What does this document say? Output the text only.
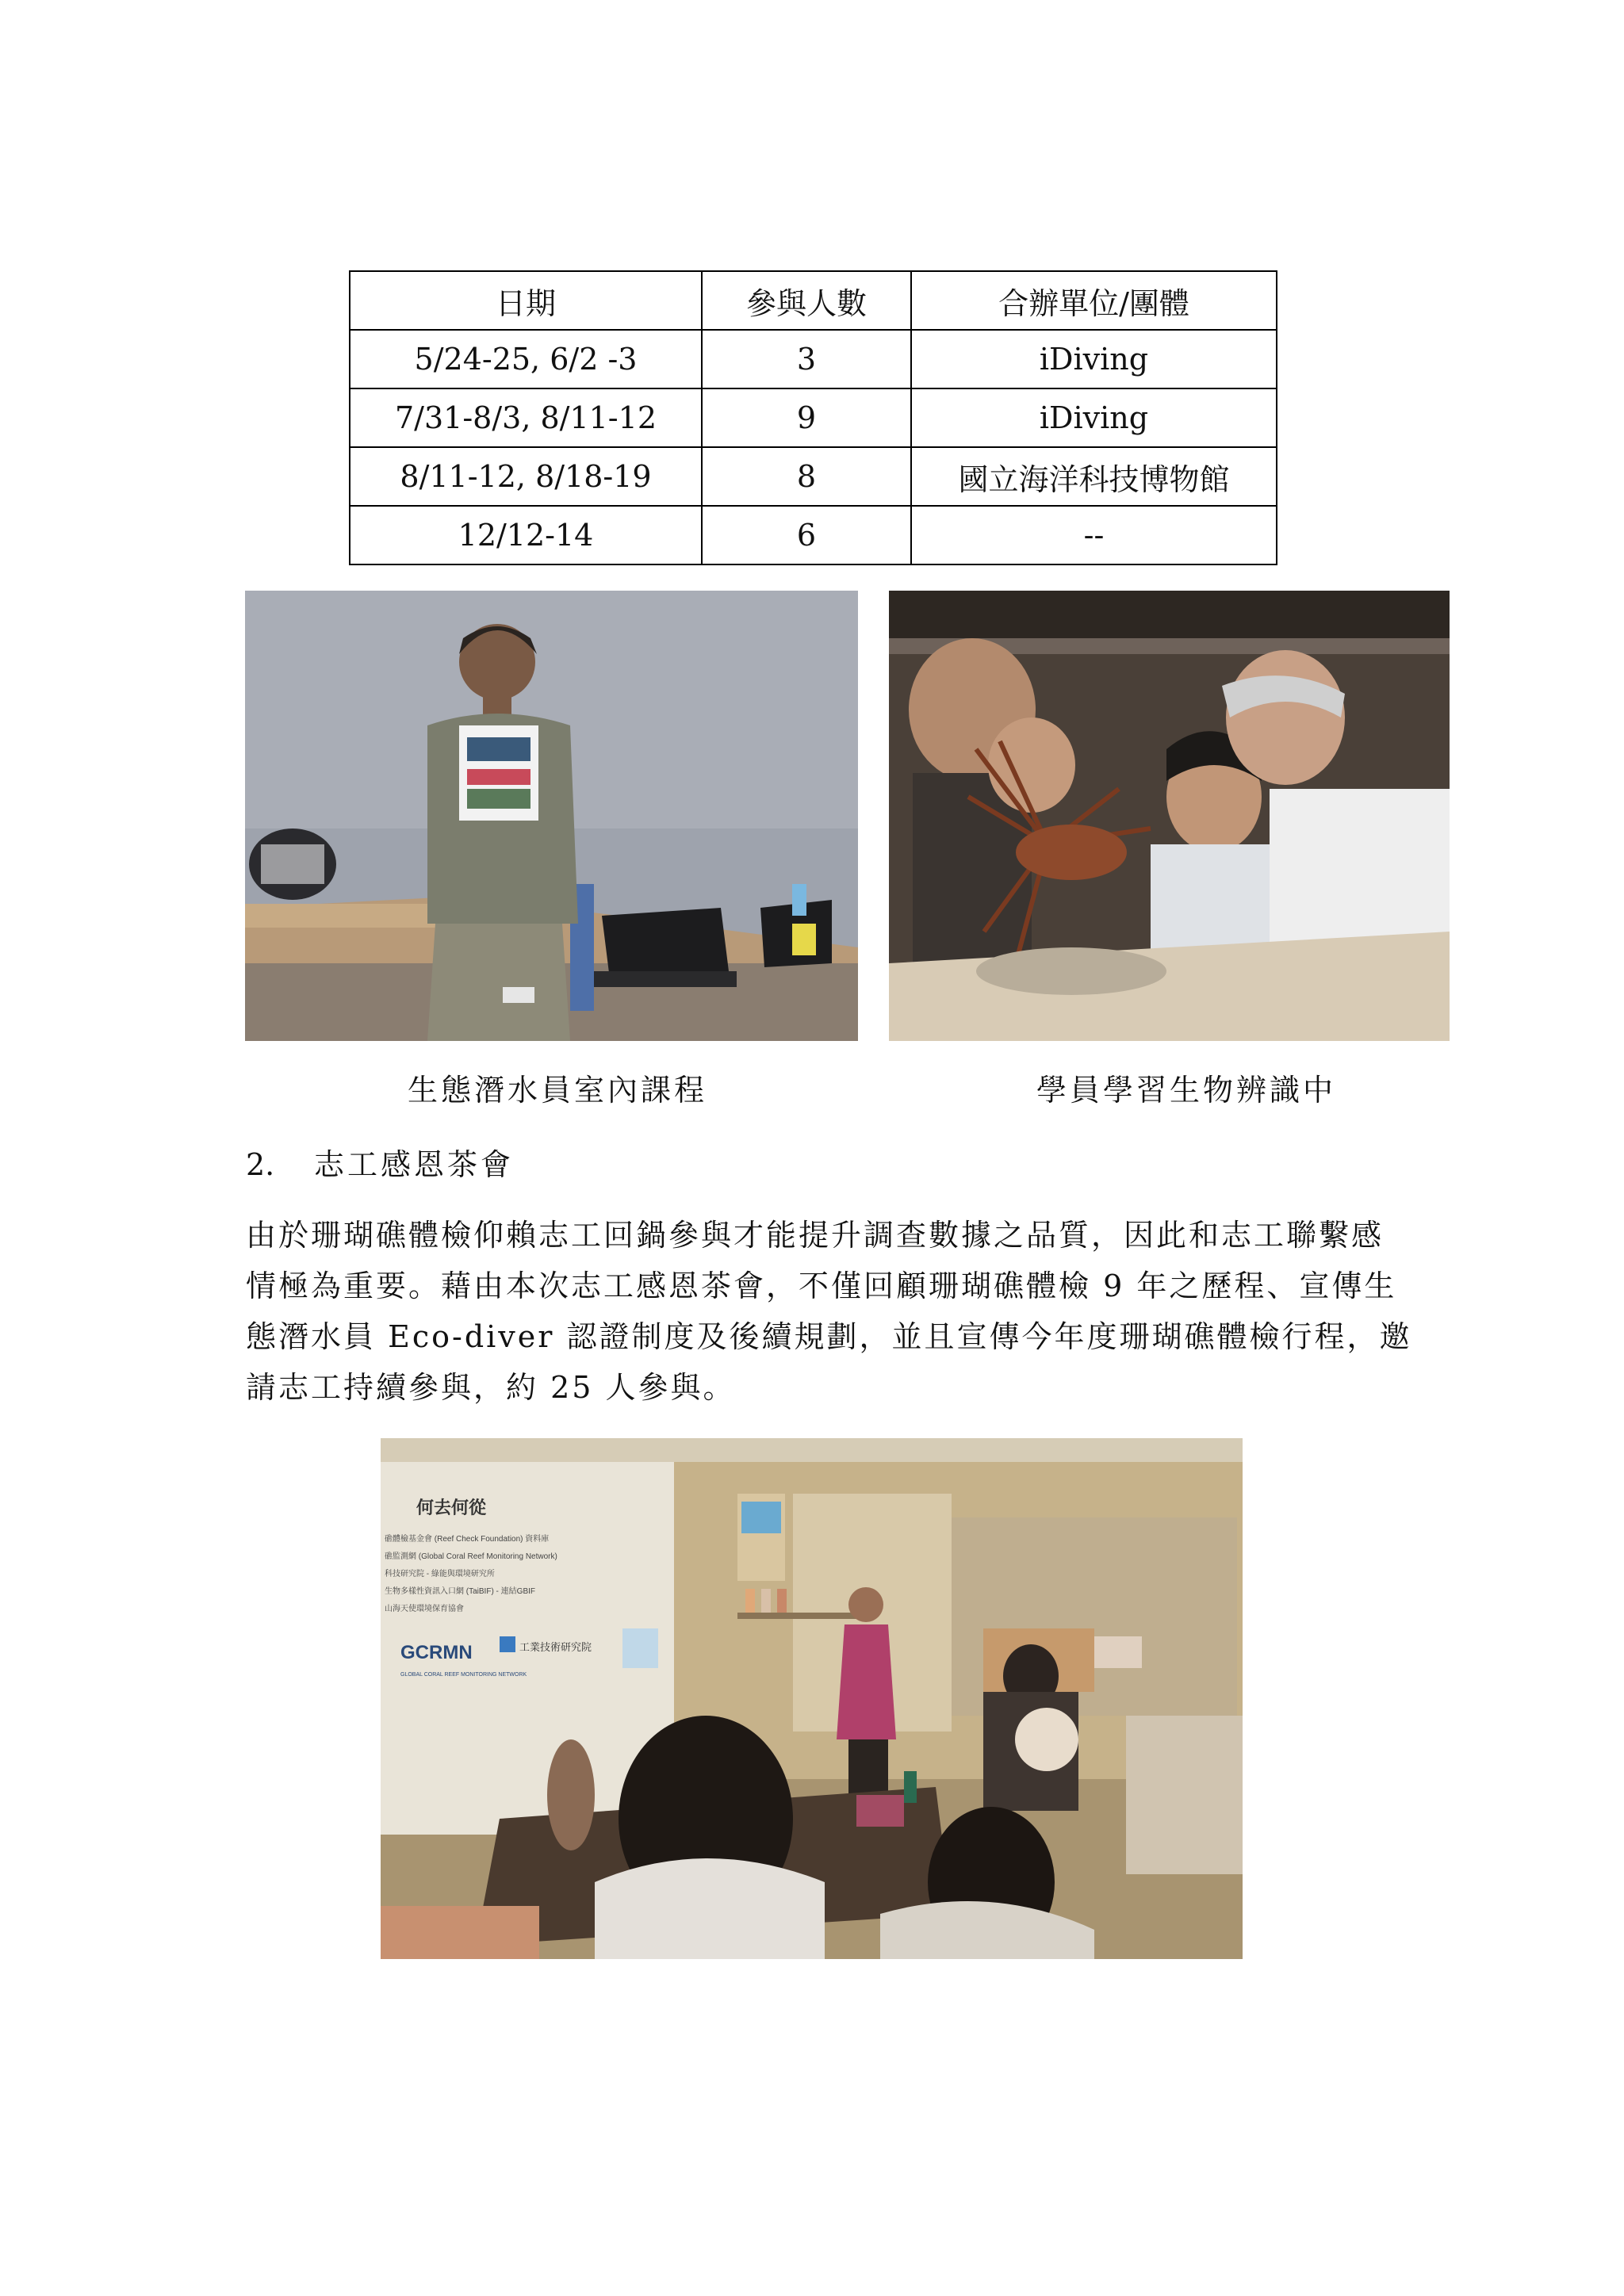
日期	參與人數	合辦單位/團體
5/24-25, 6/2 -3	3	iDiving
7/31-8/3, 8/11-12	9	iDiving
8/11-12, 8/18-19	8	國立海洋科技博物館
12/12-14	6	--
生態潛水員室內課程	學員學習生物辨識中
2. 志工感恩茶會
由於珊瑚礁體檢仰賴志工回鍋參與才能提升調查數據之品質，因此和志工聯繫感
情極為重要。藉由本次志工感恩茶會，不僅回顧珊瑚礁體檢 9 年之歷程、宣傳生
態潛水員 Eco-diver 認證制度及後續規劃，並且宣傳今年度珊瑚礁體檢行程，邀
請志工持續參與，約 25 人參與。
何去何從
礁體檢基金會 (Reef Check Foundation) 資料庫
礁監測網 (Global Coral Reef Monitoring Network)
科技研究院 - 綠能與環境研究所
生物多樣性資訊入口網 (TaiBIF) - 連結GBIF
山海天使環境保育協會
GCRMN
GLOBAL CORAL REEF MONITORING NETWORK
工業技術研究院
